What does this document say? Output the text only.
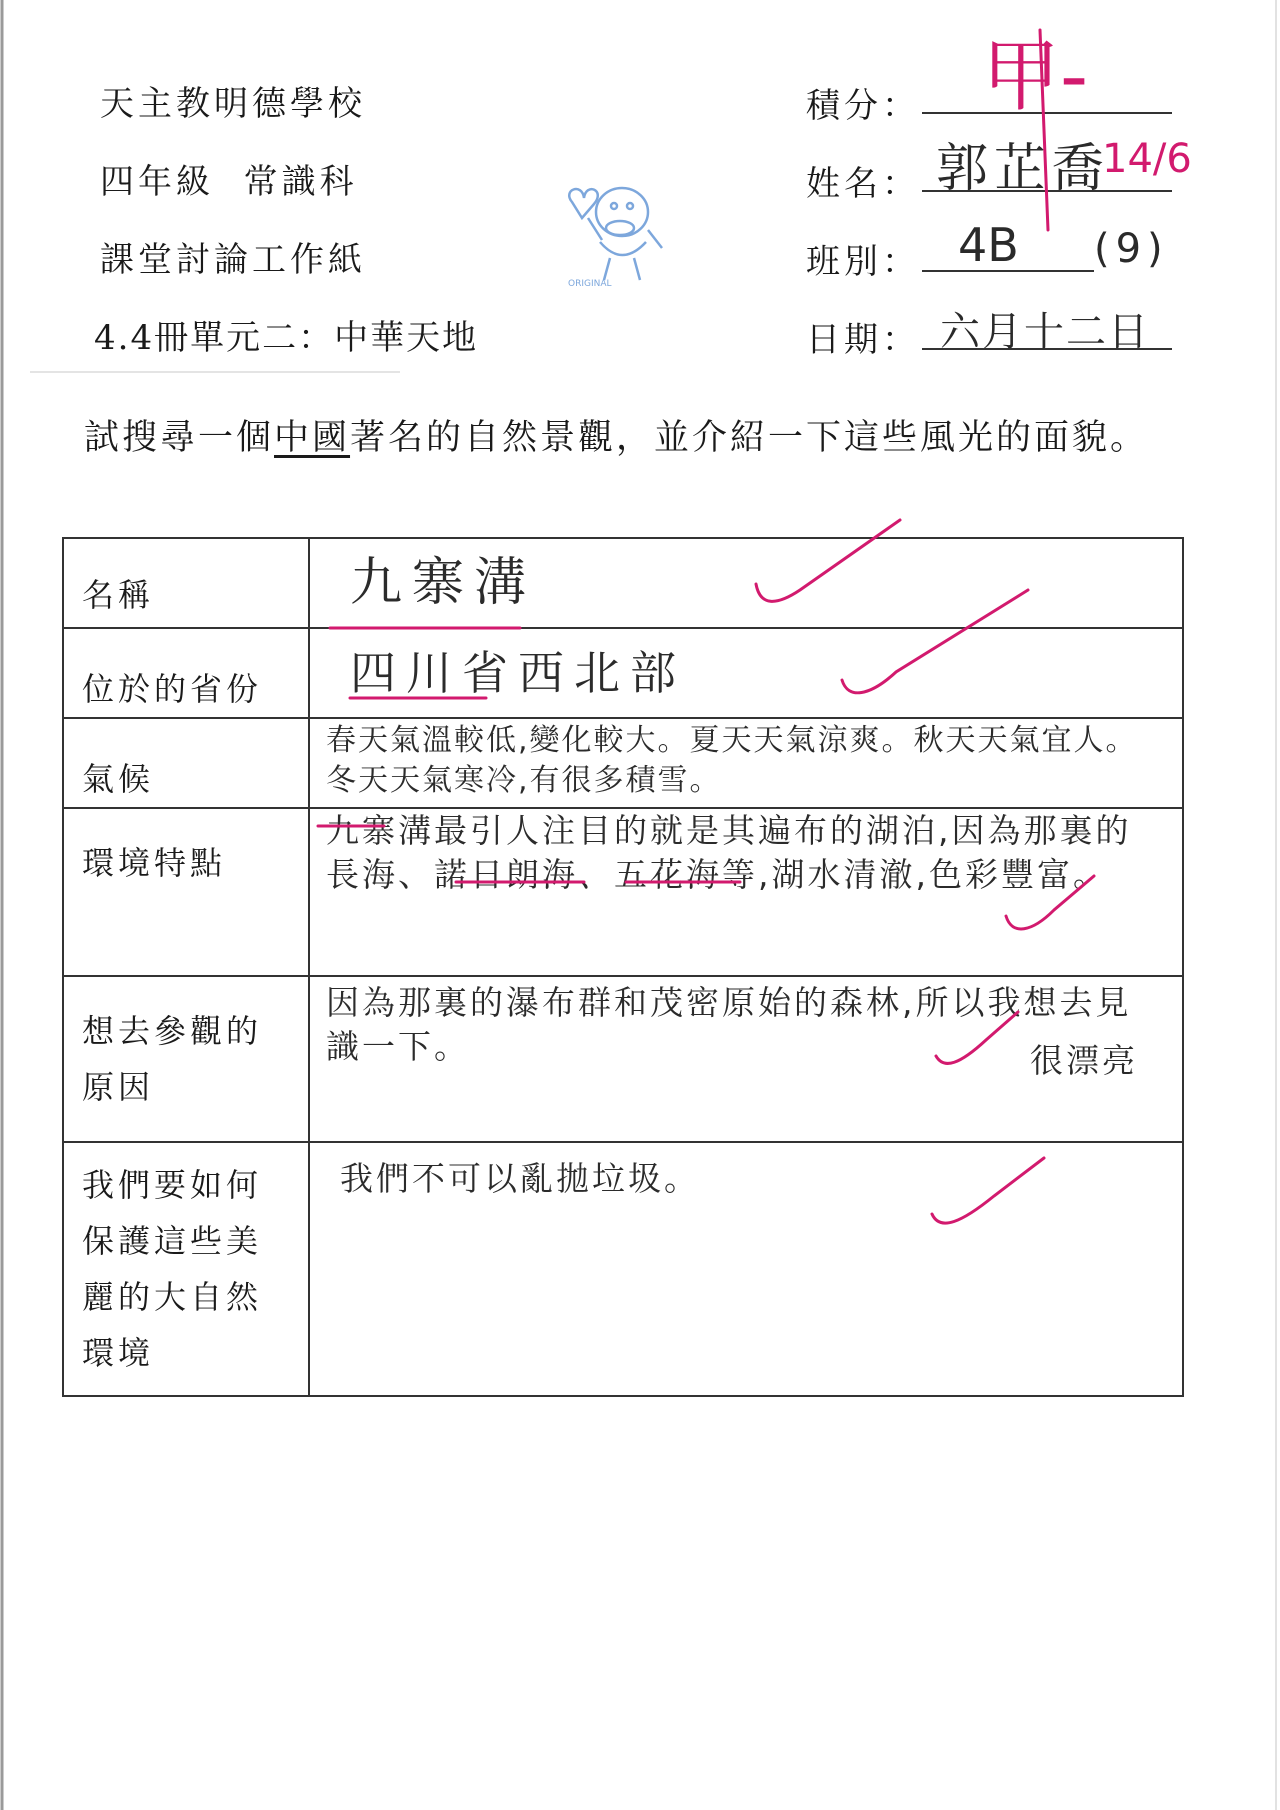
天主教明德學校
四年級  常識科
課堂討論工作紙
4.4冊單元二：中華天地
ORIGINAL
積分： 甲-
姓名： 郭芷喬
14/6
班別： 4B (9)
日期： 六月十二日
試搜尋一個中國著名的自然景觀，並介紹一下這些風光的面貌。
名稱	九寨溝
位於的省份	四川省西北部
氣候	春天氣溫較低,變化較大。夏天天氣涼爽。秋天天氣宜人。冬天天氣寒冷,有很多積雪。
環境特點	九寨溝最引人注目的就是其遍布的湖泊,因為那裏的長海、諾日朗海、五花海等,湖水清澈,色彩豐富。
想去參觀的原因	因為那裏的瀑布群和茂密原始的森林,所以我想去見識一下。 很漂亮

我們要如何保護這些美麗的大自然環境	我們不可以亂拋垃圾。
